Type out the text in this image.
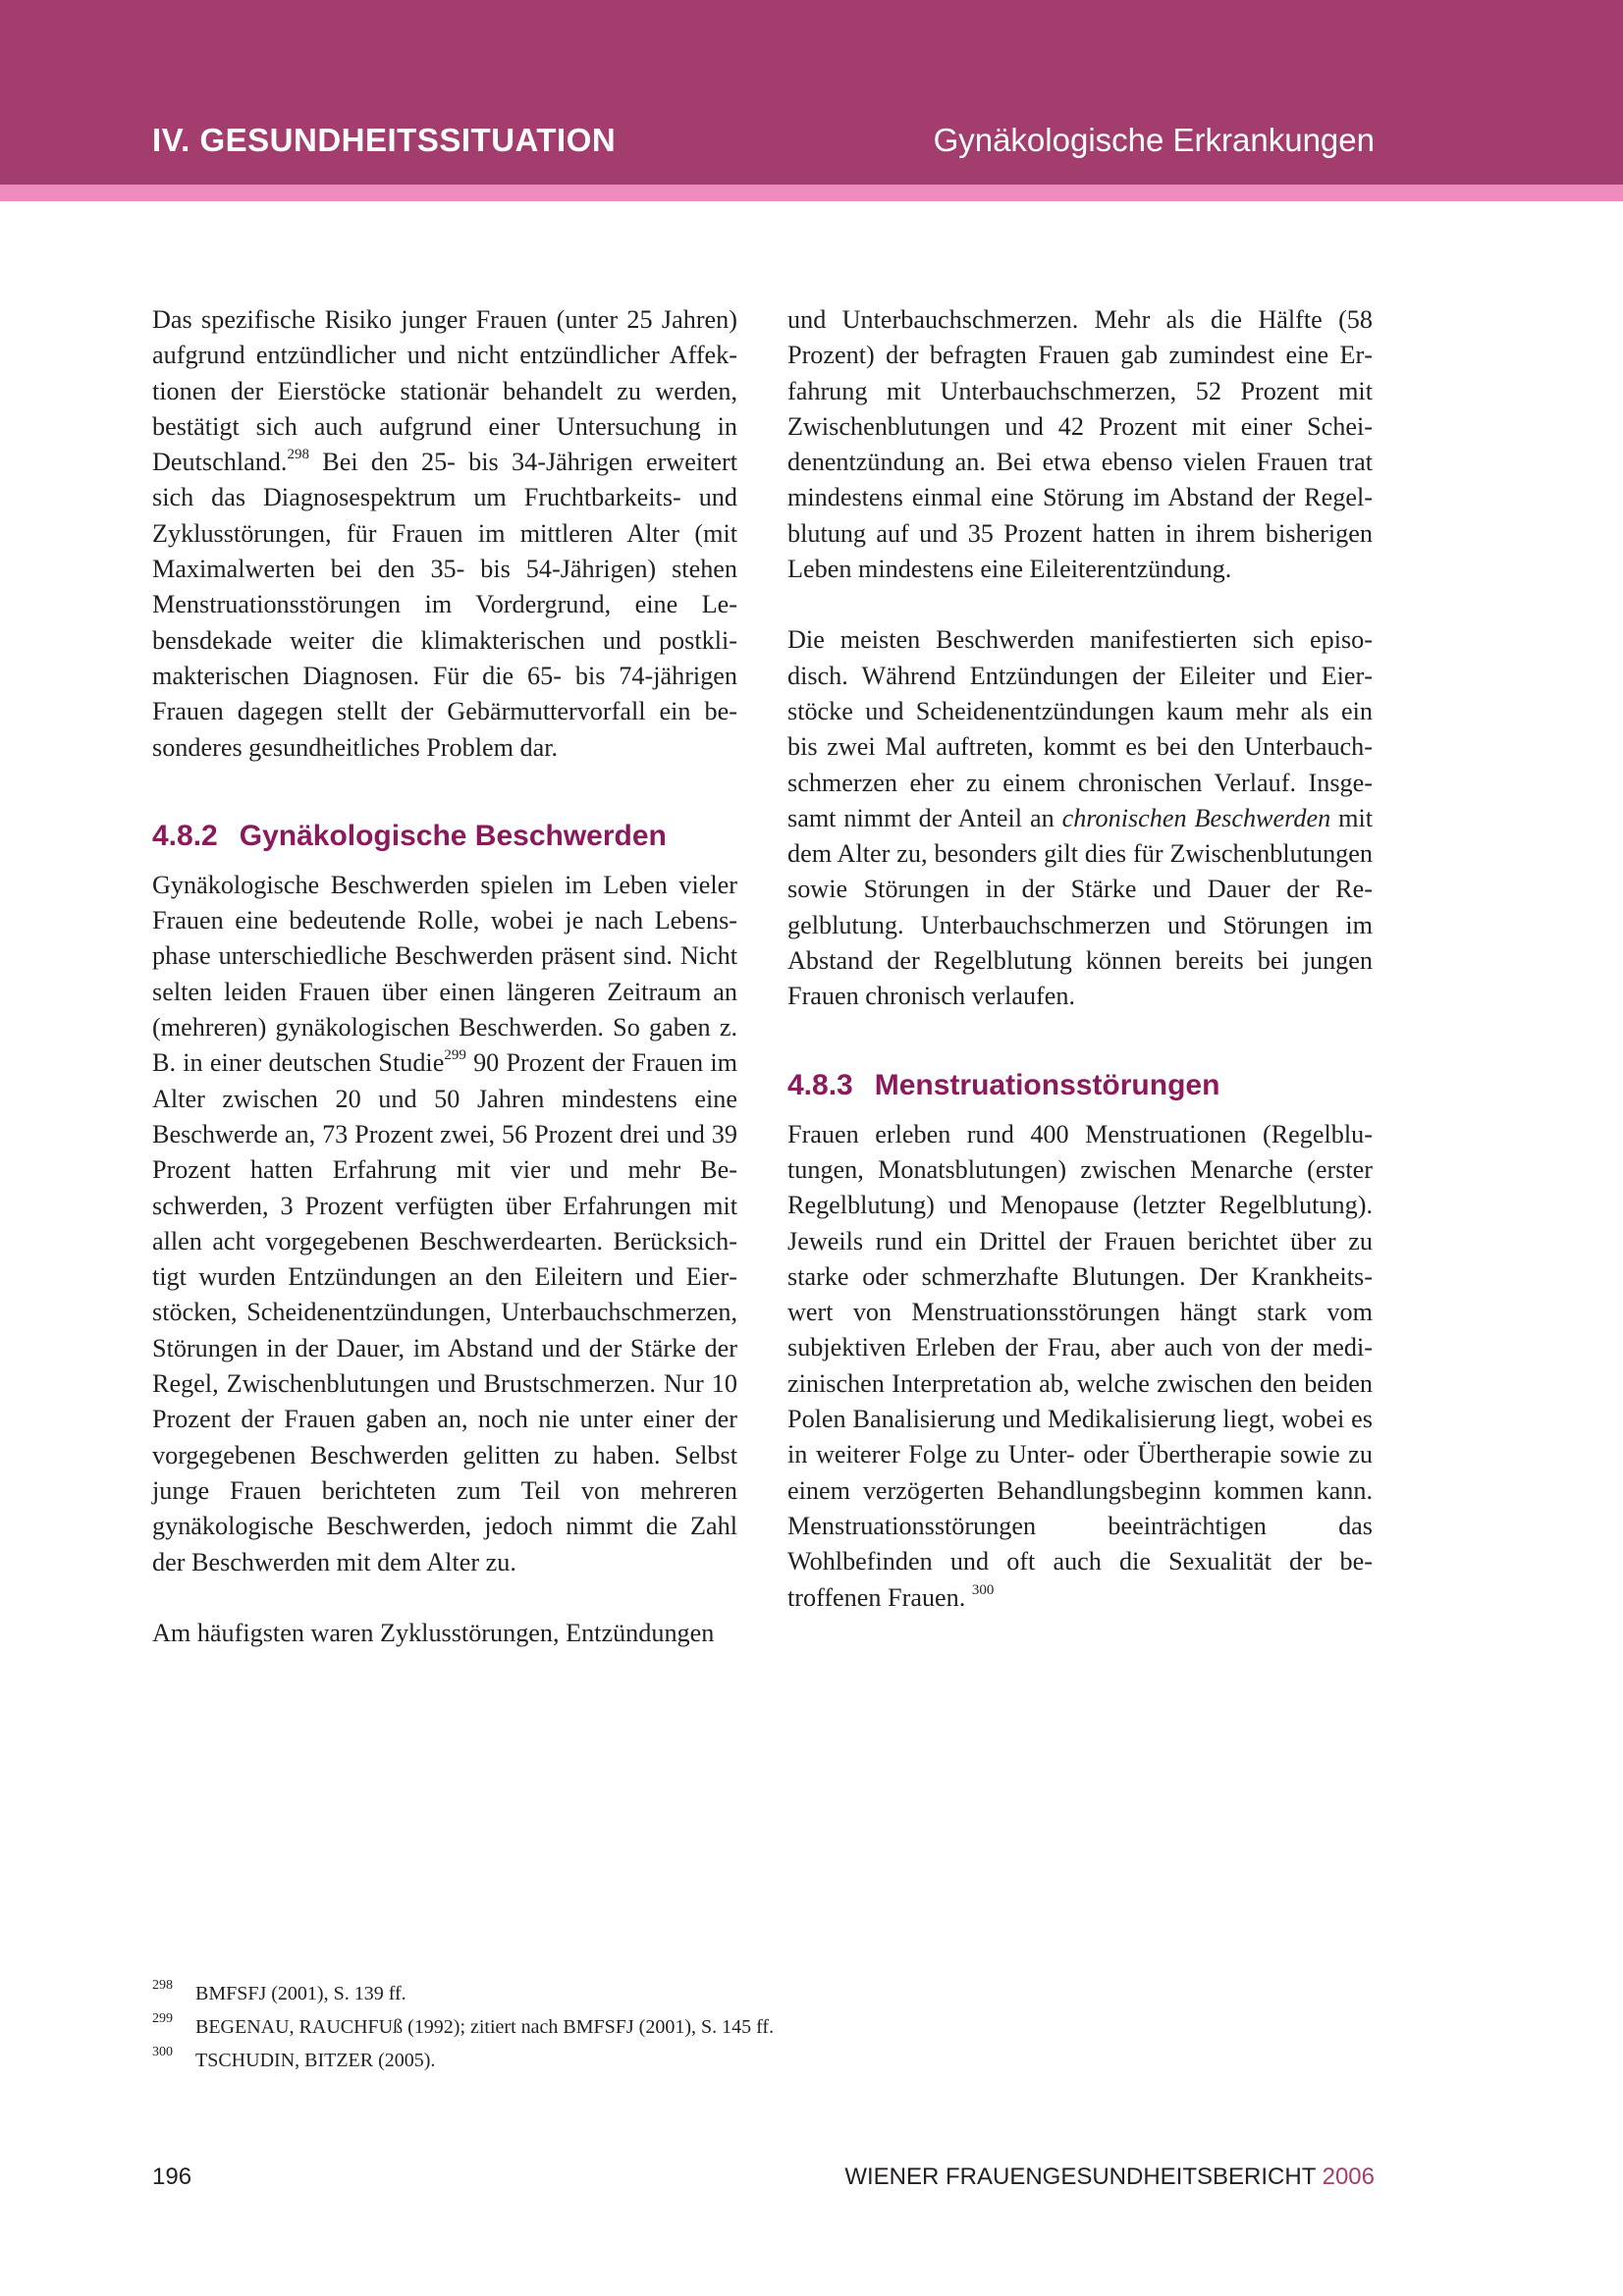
IV. GESUNDHEITSSITUATION	Gynäkologische Erkrankungen

Das spezifische Risiko junger Frauen (unter 25 Jahren) aufgrund entzündlicher und nicht entzündlicher Affektionen der Eierstöcke stationär behandelt zu werden, bestätigt sich auch aufgrund einer Untersuchung in Deutschland.$^{298}$ Bei den 25- bis 34-Jährigen erweitert sich das Diagnosespektrum um Fruchtbarkeits- und Zyklusstörungen, für Frauen im mittleren Alter (mit Maximalwerten bei den 35- bis 54-Jährigen) stehen Menstruationsstörungen im Vordergrund, eine Lebensdekade weiter die klimakterischen und postklimakterischen Diagnosen. Für die 65- bis 74-jährigen Frauen dagegen stellt der Gebärmuttervorfall ein besonderes gesundheitliches Problem dar.

4.8.2 Gynäkologische Beschwerden

Gynäkologische Beschwerden spielen im Leben vieler Frauen eine bedeutende Rolle, wobei je nach Lebensphase unterschiedliche Beschwerden präsent sind. Nicht selten leiden Frauen über einen längeren Zeitraum an (mehreren) gynäkologischen Beschwerden. So gaben z. B. in einer deutschen Studie$^{299}$ 90 Prozent der Frauen im Alter zwischen 20 und 50 Jahren mindestens eine Beschwerde an, 73 Prozent zwei, 56 Prozent drei und 39 Prozent hatten Erfahrung mit vier und mehr Beschwerden, 3 Prozent verfügten über Erfahrungen mit allen acht vorgegebenen Beschwerdearten. Berücksichtigt wurden Entzündungen an den Eileitern und Eierstöcken, Scheidenentzündungen, Unterbauchschmerzen, Störungen in der Dauer, im Abstand und der Stärke der Regel, Zwischenblutungen und Brustschmerzen. Nur 10 Prozent der Frauen gaben an, noch nie unter einer der vorgegebenen Beschwerden gelitten zu haben. Selbst junge Frauen berichteten zum Teil von mehreren gynäkologische Beschwerden, jedoch nimmt die Zahl der Beschwerden mit dem Alter zu.

Am häufigsten waren Zyklusstörungen, Entzündungen

und Unterbauchschmerzen. Mehr als die Hälfte (58 Prozent) der befragten Frauen gab zumindest eine Erfahrung mit Unterbauchschmerzen, 52 Prozent mit Zwischenblutungen und 42 Prozent mit einer Scheidenentzündung an. Bei etwa ebenso vielen Frauen trat mindestens einmal eine Störung im Abstand der Regelblutung auf und 35 Prozent hatten in ihrem bisherigen Leben mindestens eine Eileiterentzündung.

Die meisten Beschwerden manifestierten sich episodisch. Während Entzündungen der Eileiter und Eierstöcke und Scheidenentzündungen kaum mehr als ein bis zwei Mal auftreten, kommt es bei den Unterbauchschmerzen eher zu einem chronischen Verlauf. Insgesamt nimmt der Anteil an chronischen Beschwerden mit dem Alter zu, besonders gilt dies für Zwischenblutungen sowie Störungen in der Stärke und Dauer der Regelblutung. Unterbauchschmerzen und Störungen im Abstand der Regelblutung können bereits bei jungen Frauen chronisch verlaufen.

4.8.3 Menstruationsstörungen

Frauen erleben rund 400 Menstruationen (Regelblutungen, Monatsblutungen) zwischen Menarche (erster Regelblutung) und Menopause (letzter Regelblutung). Jeweils rund ein Drittel der Frauen berichtet über zu starke oder schmerzhafte Blutungen. Der Krankheitswert von Menstruationsstörungen hängt stark vom subjektiven Erleben der Frau, aber auch von der medizinischen Interpretation ab, welche zwischen den beiden Polen Banalisierung und Medikalisierung liegt, wobei es in weiterer Folge zu Unter- oder Übertherapie sowie zu einem verzögerten Behandlungsbeginn kommen kann. Menstruationsstörungen beeinträchtigen das Wohlbefinden und oft auch die Sexualität der betroffenen Frauen. $^{300}$

298	BMFSFJ (2001), S. 139 ff.
299	BEGENAU, RAUCHFUß (1992); zitiert nach BMFSFJ (2001), S. 145 ff.
300	TSCHUDIN, BITZER (2005).
196	WIENER FRAUENGESUNDHEITSBERICHT 2006
